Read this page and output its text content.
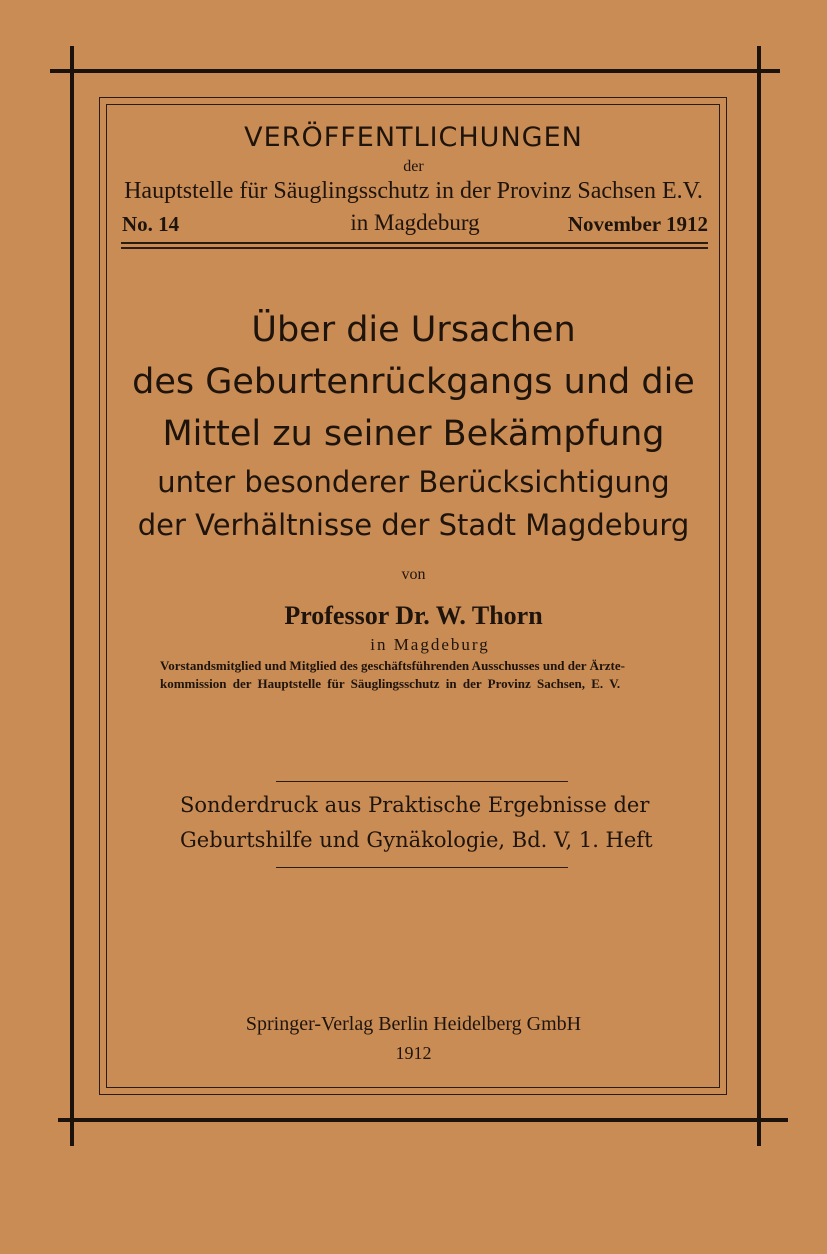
VERÖFFENTLICHUNGEN
der
Hauptstelle für Säuglingsschutz in der Provinz Sachsen E.V.
No. 14	in Magdeburg	November 1912
Über die Ursachen
des Geburtenrückgangs und die
Mittel zu seiner Bekämpfung
unter besonderer Berücksichtigung
der Verhältnisse der Stadt Magdeburg
von
Professor Dr. W. Thorn
in Magdeburg
Vorstandsmitglied und Mitglied des geschäftsführenden Ausschusses und der Ärzte-
kommission der Hauptstelle für Säuglingsschutz in der Provinz Sachsen, E. V.
Sonderdruck aus Praktische Ergebnisse der
Geburtshilfe und Gynäkologie, Bd. V, 1. Heft
Springer-Verlag Berlin Heidelberg GmbH
1912
